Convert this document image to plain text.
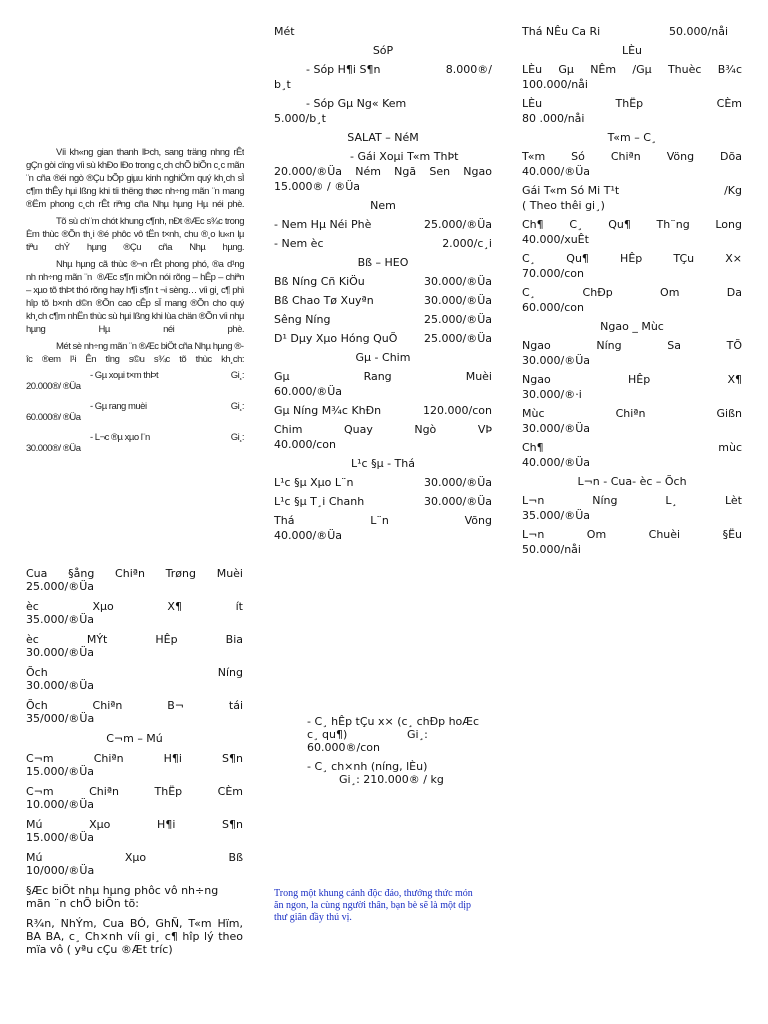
Víi kh«ng gian thanh lÞch, sang träng nhng rÊt gÇn gòi cïng víi sù khÐo lÐo trong c¸ch chÕ biÕn c¸c mãn ¨n cña ®éi ngò ®Çu bÕp giµu kinh nghiÖm quý kh¸ch sÏ c¶m thÊy hµi lßng khi tíi thëng thøc nh÷ng mãn ¨n mang ®Ëm phong c¸ch rÊt riªng cña Nhµ hµng Hµ néi phè.
Tõ sù ch¨m chót khung c¶nh, nÐt ®Æc s¾c trong Èm thùc ®Õn th¸i ®é phôc vô tËn t×nh, chu ®¸o lu«n lµ tiªu chÝ hµng ®Çu cña Nhµ hµng.
Nhµ hµng cã thùc ®¬n rÊt phong phó, ®a d¹ng nh nh÷ng mãn ¨n ®Æc s¶n miÒn nói rõng – hÊp – chiªn – xµo tõ thÞt thó rõng hay h¶i s¶n t ¬i sèng… víi gi¸ c¶ phï hîp tõ b×nh d©n ®Õn cao cÊp sÏ mang ®Õn cho quý kh¸ch c¶m nhËn thùc sù hµi lßng khi lùa chän ®Õn víi nhµ hµng Hµ néi phè.
Mét sè nh÷ng mãn ¨n ®Æc biÖt cña Nhµ hµng ® îc ®em l¹i Ên tîng s©u s¾c tõ thùc kh¸ch:
- Gµ xoµi t×m thÞt	Gi¸:
20.000®/ ®Üa
- Gµ rang muèi	Gi¸:
60.000®/ ®Üa
- L¬c ®µ xµo l¨n	Gi¸:
30.000®/ ®Üa
Mét
SóP
- Sóp H¶i S¶n	8.000®/
b¸t
- Sóp Gµ Ng« Kem
5.000/b¸t
SALAT – NéM
- Gái Xoµi T«m ThÞt
20.000/®Üa Ném Ngã Sen Ngao 15.000® / ®Üa
Nem
- Nem Hµ Néi Phè	25.000/®Üa
- Nem èc	2.000/c¸i
Bß – HEO
Bß Níng Cñ KiÖu	30.000/®Üa
Bß Chao Tø Xuyªn	30.000/®Üa
Sêng Níng	25.000/®Üa
D¹ Dµy Xµo Hóng QuÕ 25.000/®Üa
Gµ - Chim
Gµ Rang Muèi
60.000/®Üa
Gµ Níng M¾c KhÐn	120.000/con
Chim Quay Ngò VÞ
40.000/con
L¹c §µ - Thá
L¹c §µ Xµo L¨n	30.000/®Üa
L¹c §µ T¸i Chanh	30.000/®Üa
Thá L¨n Võng
40.000/®Üa
Thá NÊu Ca Ri	50.000/nåi
LÈu
LÈu Gµ NÊm /Gµ Thuèc B¾c
100.000/nåi
LÈu ThËp CÈm
80 .000/nåi
T«m – C¸
T«m Só Chiªn Vöng Dõa
40.000/®Üa
Gái T«m Só Mi T¹t	/Kg
( Theo thêi gi¸)
Ch¶ C¸ Qu¶ Th¨ng Long
40.000/xuÊt
C¸ Qu¶ HÊp TÇu X×
70.000/con
C¸ ChÐp Om Da
60.000/con
Ngao _ Mùc
Ngao Níng Sa TÕ
30.000/®Üa
Ngao HÊp X¶
30.000/®·i
Mùc Chiªn Gißn
30.000/®Üa
Ch¶ mùc
40.000/®Üa
L¬n - Cua- èc – Õch
L¬n Níng L¸ Lèt
35.000/®Üa
L¬n Om Chuèi §Ëu
50.000/nåi
Cua §ång Chiªn Trøng Muèi
25.000/®Üa
èc Xµo X¶ ít
35.000/®Üa
èc MÝt HÊp Bia
30.000/®Üa
Õch Níng
30.000/®Üa
Õch Chiªn B¬ tái
35/000/®Üa
C¬m – Mú
C¬m Chiªn H¶i S¶n
15.000/®Üa
C¬m Chiªn ThËp CÈm
10.000/®Üa
Mú Xµo H¶i S¶n
15.000/®Üa
Mú Xµo Bß
10/000/®Üa
§Æc biÖt nhµ hµng phôc vô nh÷ng mãn ¨n chÕ biÕn tõ:
R¾n, NhÝm, Cua BÓ, GhÑ, T«m Hïm, BA BA, c¸ Ch×nh víi gi¸ c¶ hîp lý theo mïa vô ( yªu cÇu ®Æt tríc)
- C¸ hÊp tÇu x× (c¸ chÐp hoÆc c¸ qu¶)	Gi¸:
60.000®/con
- C¸ ch×nh (níng, lÈu)
Gi¸: 210.000® / kg
Trong một khung cảnh độc đáo, thưởng thức món ăn ngon, la cùng người thân, bạn bè sẽ là một dịp thư giãn đầy thú vị.
